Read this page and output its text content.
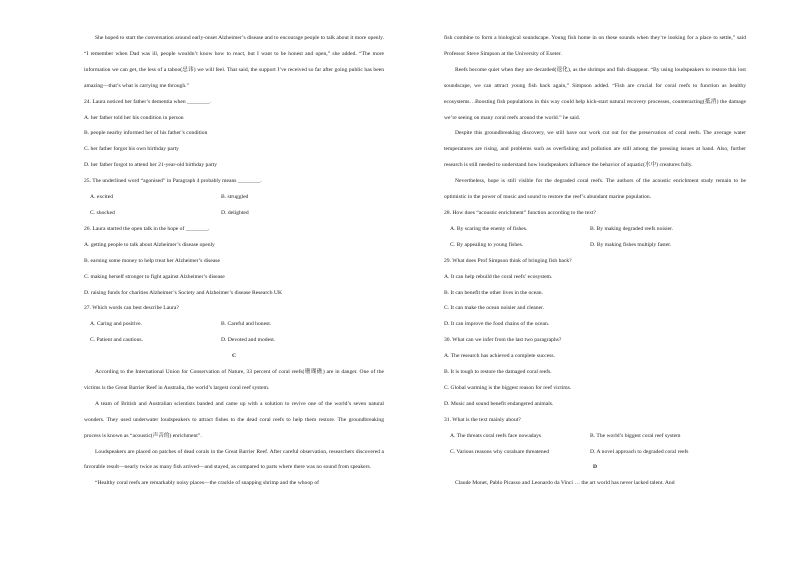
She hoped to start the conversation around early-onset Alzheimer’s disease and to encourage people to talk about it more openly. “I remember when Dad was ill, people wouldn’t know how to react, but I want to be honest and open,” she added. “The more information we can get, the less of a taboo(忌讳) we will feel. That said, the support I’ve received so far after going public has been amazing—that’s what is carrying me through.”

24. Laura noticed her father’s dementia when ________.

A. her father told her his condition in person

B. people nearby informed her of his father’s condition

C. her father forgot his own birthday party

D. her father forgot to attend her 21-year-old birthday party

25. The underlined word “agonised” in Paragraph 4 probably means ________.

A. excited	B. struggled
C. shocked	D. delighted

26. Laura started the open talk in the hope of ________.

A. getting people to talk about Alzheimer’s disease openly

B. earning some money to help treat her Alzheimer’s disease

C. making herself stronger to fight against Alzheimer’s disease

D. raising funds for charities Alzheimer’s Society and Alzheimer’s disease Research UK

27. Which words can best describe Laura?

A. Caring and positive.	B. Careful and honest.
C. Patient and cautious.	D. Devoted and modest.

C

According to the International Union for Conservation of Nature, 33 percent of coral reefs(珊瑚礁) are in danger. One of the victims is the Great Barrier Reef in Australia, the world’s largest coral reef system.

A team of British and Australian scientists banded and came up with a solution to revive one of the world’s seven natural wonders. They used underwater loudspeakers to attract fishes to the dead coral reefs to help them restore. The groundbreaking process is known as “acoustic(声音的) enrichment”.

Loudspeakers are placed on patches of dead corals in the Great Barrier Reef. After careful observation, researchers discovered a favorable result—nearly twice as many fish arrived—and stayed, as compared to parts where there was no sound from speakers.

“Healthy coral reefs are remarkably noisy places—the crackle of snapping shrimp and the whoop of

fish combine to form a biological soundscape. Young fish home in on these sounds when they’re looking for a place to settle,” said Professor Steve Simpson at the University of Exeter.

Reefs become quiet when they are decarded(退化), as the shrimps and fish disappear. “By using loudspeakers to restore this lost soundscape, we can attract young fish back again,” Simpson added. “Fish are crucial for coral reefs to function as healthy ecosystems…Boosting fish populations in this way could help kick-start natural recovery processes, counteracting(抵消) the damage we’re seeing on many coral reefs around the world.” he said.

Despite this groundbreaking discovery, we still have our work cut out for the preservation of coral reefs. The average water temperatures are rising, and problems such as overfishing and pollution are still among the pressing issues at hand. Also, further research is still needed to understand how loudspeakers influence the behavior of aquatic(水中) creatures fully.

Nevertheless, hope is still visible for the degraded coral reefs. The authors of the acoustic enrichment study remain to be optimistic in the power of music and sound to restore the reef’s abundant marine population.

28. How does “acoustic enrichment” function according to the text?

A. By scaring the enemy of fishes.	B. By making degraded reefs noisier.
C. By appealing to young fishes.	D. By making fishes multiply faster.

29. What does Prof Simpson think of bringing fish back?

A. It can help rebuild the coral reefs’ ecosystem.

B. It can benefit the other lives in the ocean.

C. It can make the ocean noisier and cleaner.

D. It can improve the food chains of the ocean.

30. What can we infer from the last two paragraphs?

A. The research has achieved a complete success.

B. It is tough to restore the damaged coral reefs.

C. Global warming is the biggest reason for reef victims.

D. Music and sound benefit endangered animals.

31. What is the text mainly about?

A. The threats coral reefs face nowadays	B. The world’s biggest coral reef system
C. Various reasons why coralsare threatened	D. A novel approach to degraded coral reefs

D

Claude Monet, Pablo Picasso and Leonardo da Vinci … the art world has never lacked talent. And
